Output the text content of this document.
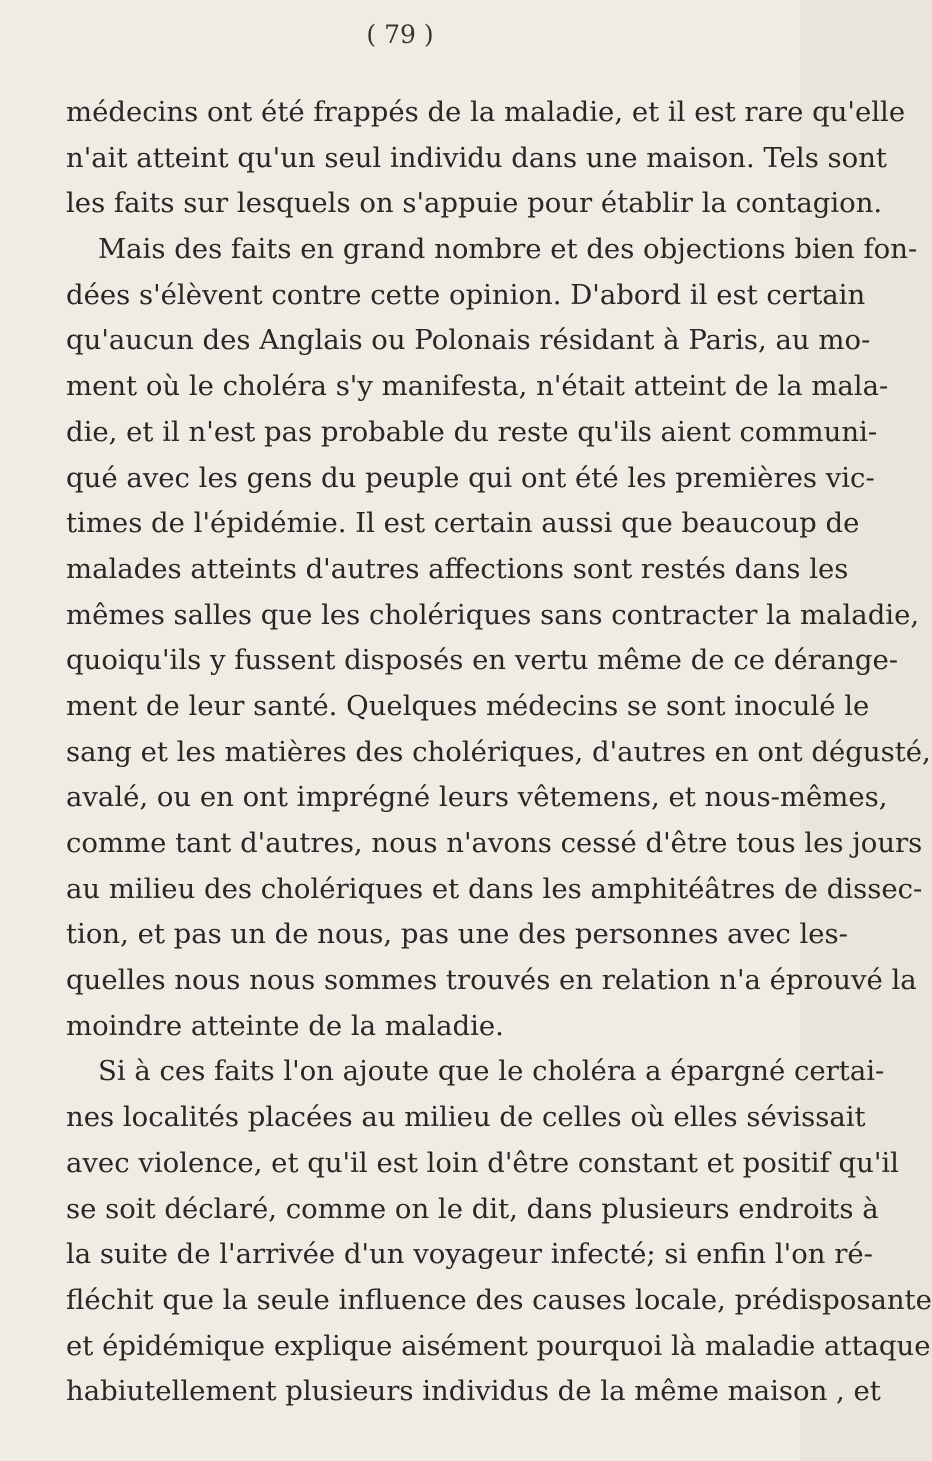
( 79 )
médecins ont été frappés de la maladie, et il est rare qu'elle
n'ait atteint qu'un seul individu dans une maison. Tels sont
les faits sur lesquels on s'appuie pour établir la contagion.
Mais des faits en grand nombre et des objections bien fon-
dées s'élèvent contre cette opinion. D'abord il est certain
qu'aucun des Anglais ou Polonais résidant à Paris, au mo-
ment où le choléra s'y manifesta, n'était atteint de la mala-
die, et il n'est pas probable du reste qu'ils aient communi-
qué avec les gens du peuple qui ont été les premières vic-
times de l'épidémie. Il est certain aussi que beaucoup de
malades atteints d'autres affections sont restés dans les
mêmes salles que les cholériques sans contracter la maladie,
quoiqu'ils y fussent disposés en vertu même de ce dérange-
ment de leur santé. Quelques médecins se sont inoculé le
sang et les matières des cholériques, d'autres en ont dégusté,
avalé, ou en ont imprégné leurs vêtemens, et nous-mêmes,
comme tant d'autres, nous n'avons cessé d'être tous les jours
au milieu des cholériques et dans les amphitéâtres de dissec-
tion, et pas un de nous, pas une des personnes avec les-
quelles nous nous sommes trouvés en relation n'a éprouvé la
moindre atteinte de la maladie.
Si à ces faits l'on ajoute que le choléra a épargné certai-
nes localités placées au milieu de celles où elles sévissait
avec violence, et qu'il est loin d'être constant et positif qu'il
se soit déclaré, comme on le dit, dans plusieurs endroits à
la suite de l'arrivée d'un voyageur infecté; si enfin l'on ré-
fléchit que la seule influence des causes locale, prédisposante
et épidémique explique aisément pourquoi là maladie attaque
habiutellement plusieurs individus de la même maison , et
